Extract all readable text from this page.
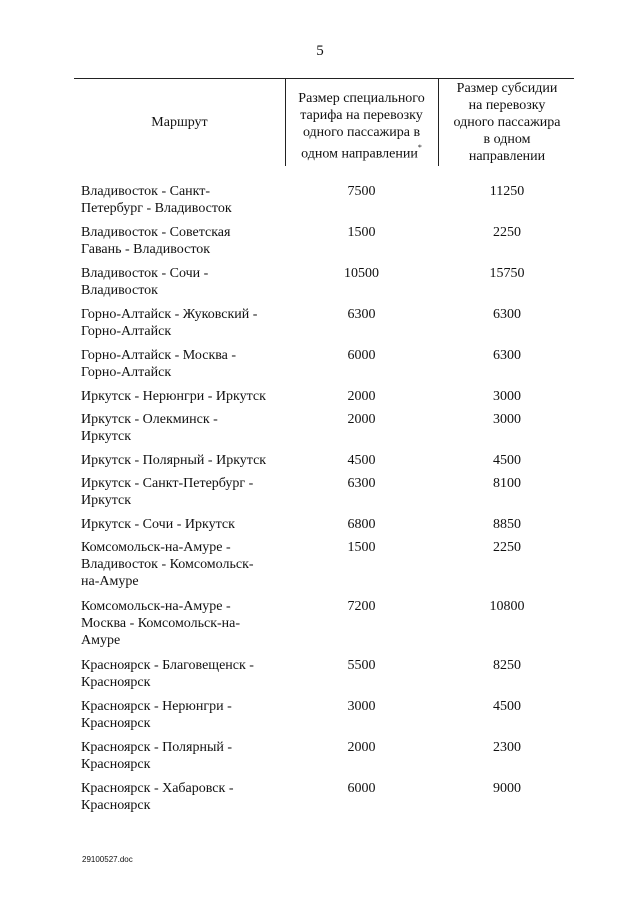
5
Маршрут
Размер специального
тарифа на перевозку
одного пассажира в
одном направлении*
Размер субсидии
на перевозку
одного пассажира
в одном
направлении
Владивосток - Санкт-
Петербург - Владивосток
7500	11250
Владивосток - Советская
Гавань - Владивосток
1500	2250
Владивосток - Сочи -
Владивосток
10500	15750
Горно-Алтайск - Жуковский -
Горно-Алтайск
6300	6300
Горно-Алтайск - Москва -
Горно-Алтайск
6000	6300
Иркутск - Нерюнгри - Иркутск	2000	3000
Иркутск - Олекминск -
Иркутск
2000	3000
Иркутск - Полярный - Иркутск	4500	4500
Иркутск - Санкт-Петербург -
Иркутск
6300	8100
Иркутск - Сочи - Иркутск	6800	8850
Комсомольск-на-Амуре -
Владивосток - Комсомольск-
на-Амуре
1500	2250
Комсомольск-на-Амуре -
Москва - Комсомольск-на-
Амуре
7200	10800
Красноярск - Благовещенск -
Красноярск
5500	8250
Красноярск - Нерюнгри -
Красноярск
3000	4500
Красноярск - Полярный -
Красноярск
2000	2300
Красноярск - Хабаровск -
Красноярск
6000	9000
29100527.doc
